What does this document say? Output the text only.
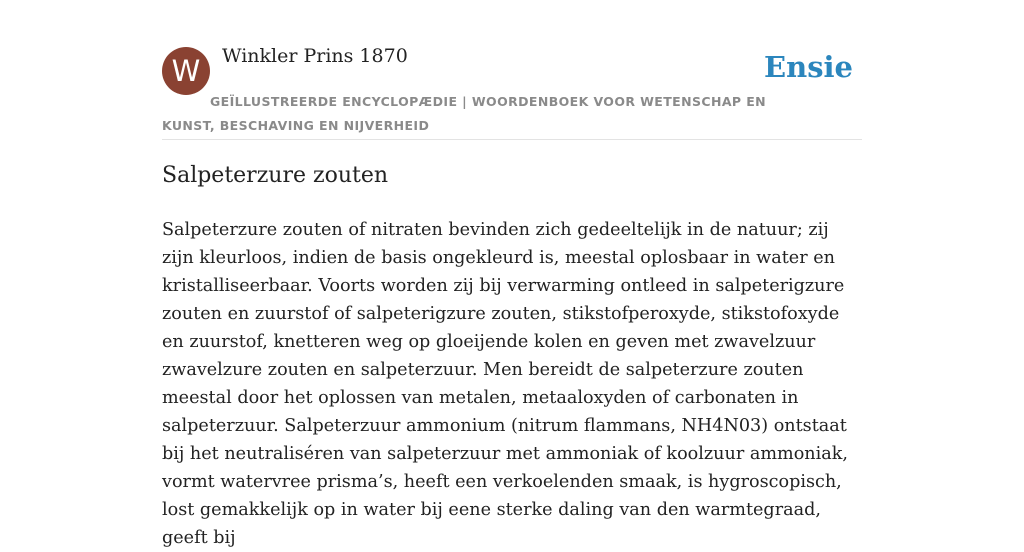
W	Winkler Prins 1870
GEÏLLUSTREERDE ENCYCLOPÆDIE | WOORDENBOEK VOOR WETENSCHAP EN KUNST, BESCHAVING EN NIJVERHEID
Ensie
Salpeterzure zouten

Salpeterzure zouten of nitraten bevinden zich gedeeltelijk in de natuur; zij zijn kleurloos, indien de basis ongekleurd is, meestal oplosbaar in water en kristalliseerbaar. Voorts worden zij bij verwarming ontleed in salpeterigzure zouten en zuurstof of salpeterigzure zouten, stikstofperoxyde, stikstofoxyde en zuurstof, knetteren weg op gloeijende kolen en geven met zwavelzuur zwavelzure zouten en salpeterzuur. Men bereidt de salpeterzure zouten meestal door het oplossen van metalen, metaaloxyden of carbonaten in salpeterzuur. Salpeterzuur ammonium (nitrum flammans, NH4N03) ontstaat bij het neutraliséren van salpeterzuur met ammoniak of koolzuur ammoniak, vormt watervree prisma’s, heeft een verkoelenden smaak, is hygroscopisch, lost gemakkelijk op in water bij eene sterke daling van den warmtegraad, geeft bij
